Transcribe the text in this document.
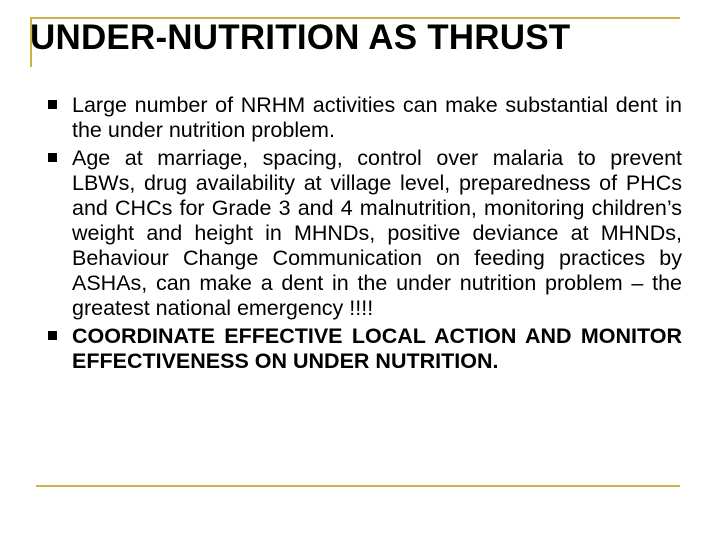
UNDER-NUTRITION AS THRUST
Large number of NRHM activities can make substantial dent in the under nutrition problem.
Age at marriage, spacing, control over malaria to prevent LBWs, drug availability at village level, preparedness of PHCs and CHCs for Grade 3 and 4 malnutrition, monitoring children’s weight and height in MHNDs, positive deviance at MHNDs, Behaviour Change Communication on feeding practices by ASHAs, can make a dent in the under nutrition problem – the greatest national emergency !!!!
COORDINATE EFFECTIVE LOCAL ACTION AND MONITOR EFFECTIVENESS ON UNDER NUTRITION.
